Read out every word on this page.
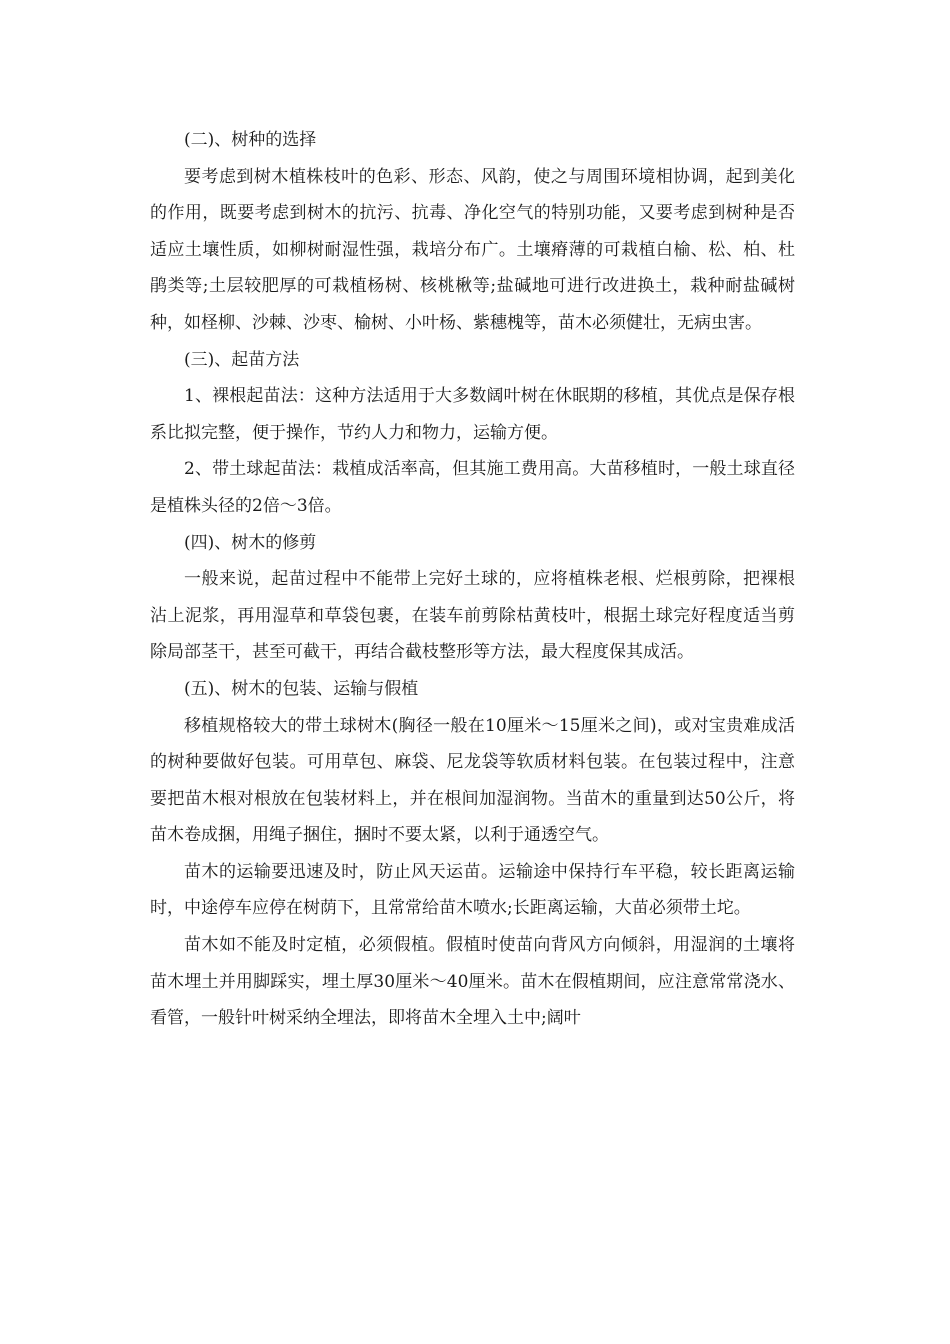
(二)、树种的选择

要考虑到树木植株枝叶的色彩、形态、风韵，使之与周围环境相协调，起到美化的作用，既要考虑到树木的抗污、抗毒、净化空气的特别功能，又要考虑到树种是否适应土壤性质，如柳树耐湿性强，栽培分布广。土壤瘠薄的可栽植白榆、松、柏、杜鹃类等;土层较肥厚的可栽植杨树、核桃楸等;盐碱地可进行改进换土，栽种耐盐碱树种，如柽柳、沙棘、沙枣、榆树、小叶杨、紫穗槐等，苗木必须健壮，无病虫害。

(三)、起苗方法

1、裸根起苗法：这种方法适用于大多数阔叶树在休眠期的移植，其优点是保存根系比拟完整，便于操作，节约人力和物力，运输方便。

2、带土球起苗法：栽植成活率高，但其施工费用高。大苗移植时，一般土球直径是植株头径的2倍～3倍。

(四)、树木的修剪

一般来说，起苗过程中不能带上完好土球的，应将植株老根、烂根剪除，把裸根沾上泥浆，再用湿草和草袋包裹，在装车前剪除枯黄枝叶，根据土球完好程度适当剪除局部茎干，甚至可截干，再结合截枝整形等方法，最大程度保其成活。

(五)、树木的包装、运输与假植

移植规格较大的带土球树木(胸径一般在10厘米～15厘米之间)，或对宝贵难成活的树种要做好包装。可用草包、麻袋、尼龙袋等软质材料包装。在包装过程中，注意要把苗木根对根放在包装材料上，并在根间加湿润物。当苗木的重量到达50公斤，将苗木卷成捆，用绳子捆住，捆时不要太紧，以利于通透空气。

苗木的运输要迅速及时，防止风天运苗。运输途中保持行车平稳，较长距离运输时，中途停车应停在树荫下，且常常给苗木喷水;长距离运输，大苗必须带土坨。

苗木如不能及时定植，必须假植。假植时使苗向背风方向倾斜，用湿润的土壤将苗木埋土并用脚踩实，埋土厚30厘米～40厘米。苗木在假植期间，应注意常常浇水、看管，一般针叶树采纳全埋法，即将苗木全埋入土中;阔叶
